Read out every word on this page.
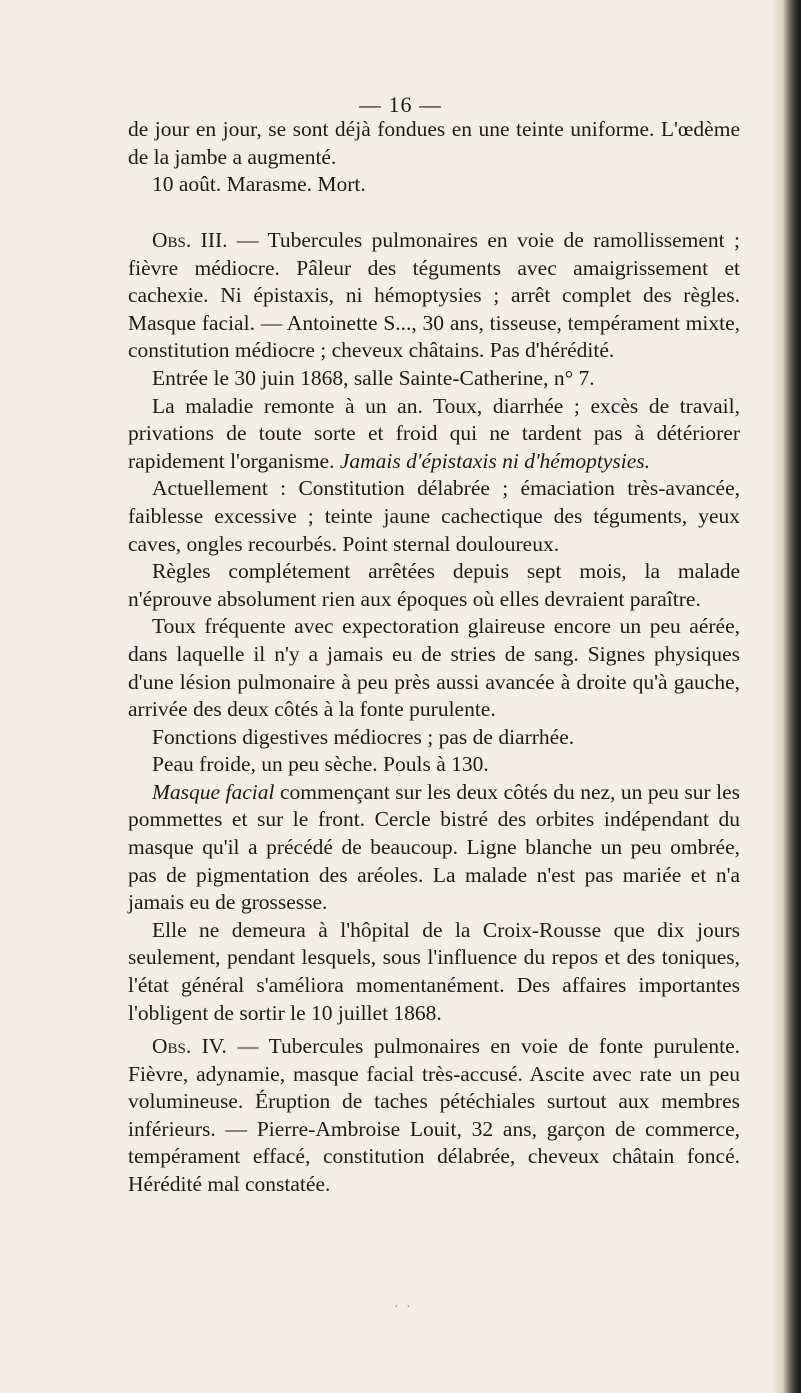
— 16 —

de jour en jour, se sont déjà fondues en une teinte uniforme. L'œdème de la jambe a augmenté.

10 août. Marasme. Mort.

Obs. III. — Tubercules pulmonaires en voie de ramollissement ; fièvre médiocre. Pâleur des téguments avec amaigrissement et cachexie. Ni épistaxis, ni hémoptysies ; arrêt complet des règles. Masque facial. — Antoinette S..., 30 ans, tisseuse, tempérament mixte, constitution médiocre ; cheveux châtains. Pas d'hérédité.

Entrée le 30 juin 1868, salle Sainte-Catherine, n° 7.

La maladie remonte à un an. Toux, diarrhée ; excès de travail, privations de toute sorte et froid qui ne tardent pas à détériorer rapidement l'organisme. Jamais d'épistaxis ni d'hémoptysies.

Actuellement : Constitution délabrée ; émaciation très-avancée, faiblesse excessive ; teinte jaune cachectique des téguments, yeux caves, ongles recourbés. Point sternal douloureux.

Règles complétement arrêtées depuis sept mois, la malade n'éprouve absolument rien aux époques où elles devraient paraître.

Toux fréquente avec expectoration glaireuse encore un peu aérée, dans laquelle il n'y a jamais eu de stries de sang. Signes physiques d'une lésion pulmonaire à peu près aussi avancée à droite qu'à gauche, arrivée des deux côtés à la fonte purulente.

Fonctions digestives médiocres ; pas de diarrhée.

Peau froide, un peu sèche. Pouls à 130.

Masque facial commençant sur les deux côtés du nez, un peu sur les pommettes et sur le front. Cercle bistré des orbites indépendant du masque qu'il a précédé de beaucoup. Ligne blanche un peu ombrée, pas de pigmentation des aréoles. La malade n'est pas mariée et n'a jamais eu de grossesse.

Elle ne demeura à l'hôpital de la Croix-Rousse que dix jours seulement, pendant lesquels, sous l'influence du repos et des toniques, l'état général s'améliora momentanément. Des affaires importantes l'obligent de sortir le 10 juillet 1868.

Obs. IV. — Tubercules pulmonaires en voie de fonte purulente. Fièvre, adynamie, masque facial très-accusé. Ascite avec rate un peu volumineuse. Éruption de taches pétéchiales surtout aux membres inférieurs. — Pierre-Ambroise Louit, 32 ans, garçon de commerce, tempérament effacé, constitution délabrée, cheveux châtain foncé. Hérédité mal constatée.

· ·
